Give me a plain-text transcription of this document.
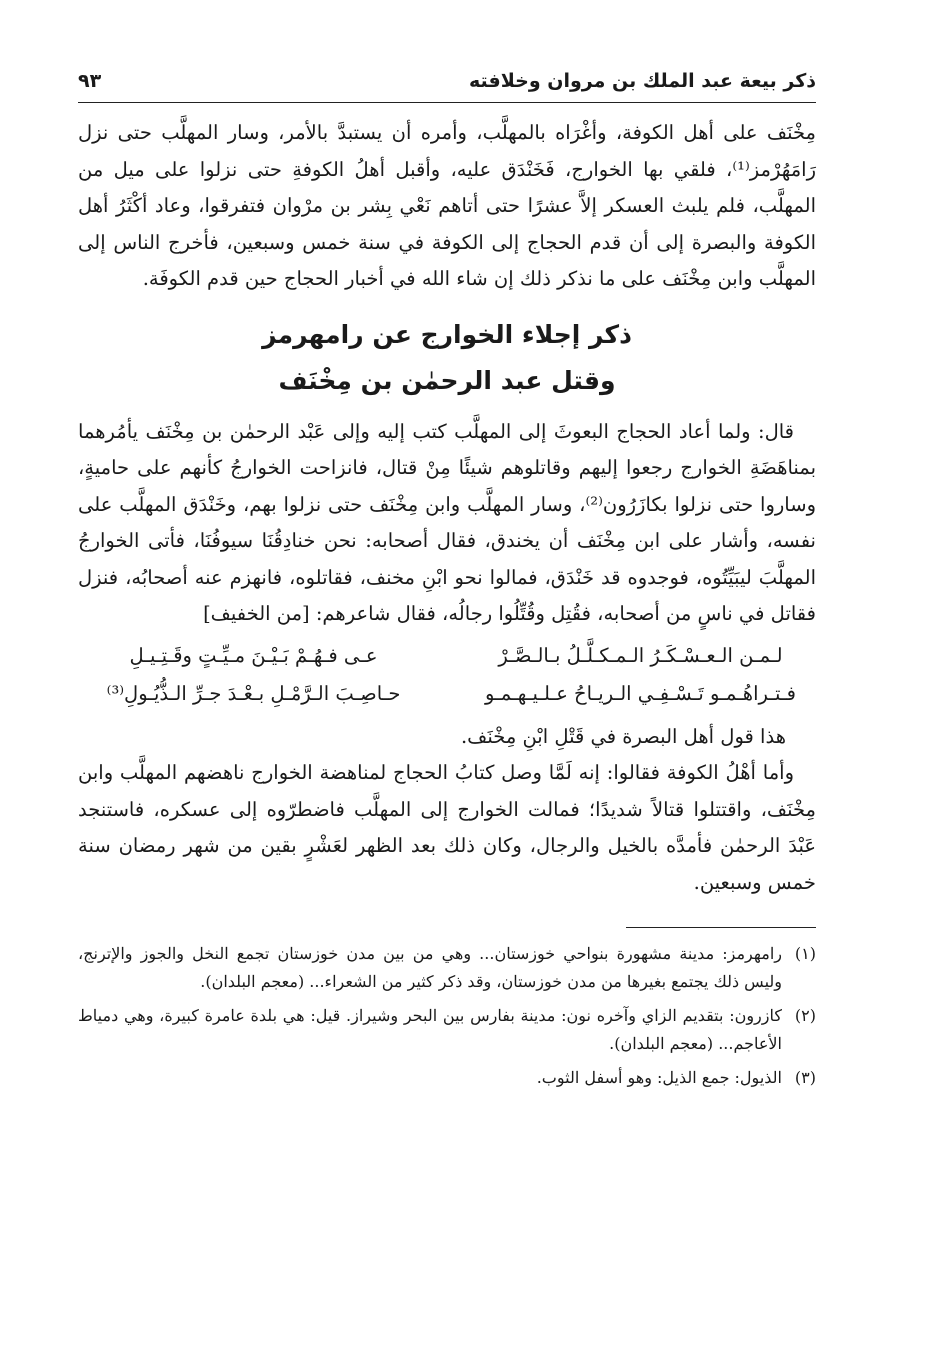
ذكر بيعة عبد الملك بن مروان وخلافته
٩٣

مِخْنَف على أهل الكوفة، وأغْرَاه بالمهلَّب، وأمره أن يستبدَّ بالأمر، وسار المهلَّب حتى نزل رَامَهُرْمز⁽¹⁾، فلقي بها الخوارج، فَخَنْدَق عليه، وأقبل أهلُ الكوفةِ حتى نزلوا على ميل من المهلَّب، فلم يلبث العسكر إلاَّ عشرًا حتى أتاهم نَعْي بِشر بن مرْوان فتفرقوا، وعاد أكْثَرُ أهل الكوفة والبصرة إلى أن قدم الحجاج إلى الكوفة في سنة خمس وسبعين، فأخرج الناس إلى المهلَّب وابن مِخْنَف على ما نذكر ذلك إن شاء الله في أخبار الحجاج حين قدم الكوفَة.

ذكر إجلاء الخوارج عن رامهرمز
وقتل عبد الرحمٰن بن مِخْنَف

قال: ولما أعاد الحجاج البعوثَ إلى المهلَّب كتب إليه وإلى عَبْد الرحمٰن بن مِخْنَف يأمُرهما بمناهَضَةِ الخوارج رجعوا إليهم وقاتلوهم شيئًا مِنْ قتال، فانزاحت الخوارجُ كأنهم على حاميةٍ، وساروا حتى نزلوا بكازَرُون⁽²⁾، وسار المهلَّب وابن مِخْنَف حتى نزلوا بهم، وخَنْدَق المهلَّب على نفسه، وأشار على ابن مِخْنَف أن يخندق، فقال أصحابه: نحن خنادِقُنَا سيوفُنَا، فأتى الخوارجُ المهلَّبَ ليبَيِّتُوه، فوجدوه قد خَنْدَق، فمالوا نحو ابْنِ مخنف، فقاتلوه، فانهزم عنه أصحابُه، فنزل فقاتل في ناسٍ من أصحابه، فقُتِل وقُتِّلُوا رجالُه، فقال شاعرهم: [من الخفيف]

لـمـن الـعـسْـكَـرُ الـمـكـلَّـلُ بـالـصَّـرْ
عـى فـهُـمْ بَـيْـنَ مـيِّـتٍ وقَـتِـيـلِ
فـتـراهُـمـو تَـسْـفِـي الـريـاحُ عـلـيـهـمـو
حـاصِـبَ الـرَّمْـلِ بـعْـدَ جـرِّ الـذُّيُـولِ⁽³⁾
هذا قول أهل البصرة في قَتْلِ ابْنِ مِخْنَف.

وأما أهْلُ الكوفة فقالوا: إنه لَمَّا وصل كتابُ الحجاج لمناهضة الخوارج ناهضهم المهلَّب وابن مِخْنَف، واقتتلوا قتالاً شديدًا؛ فمالت الخوارج إلى المهلَّب فاضطرّوه إلى عسكره، فاستنجد عَبْدَ الرحمٰن فأمدَّه بالخيل والرجال، وكان ذلك بعد الظهر لعَشْرٍ بقين من شهر رمضان سنة خمس وسبعين.

(١)
رامهرمز: مدينة مشهورة بنواحي خوزستان... وهي من بين مدن خوزستان تجمع النخل والجوز والإترنج، وليس ذلك يجتمع بغيرها من مدن خوزستان، وقد ذكر كثير من الشعراء... (معجم البلدان).
(٢)
كازرون: بتقديم الزاي وآخره نون: مدينة بفارس بين البحر وشيراز. قيل: هي بلدة عامرة كبيرة، وهي دمياط الأعاجم... (معجم البلدان).
(٣)
الذيول: جمع الذيل: وهو أسفل الثوب.
